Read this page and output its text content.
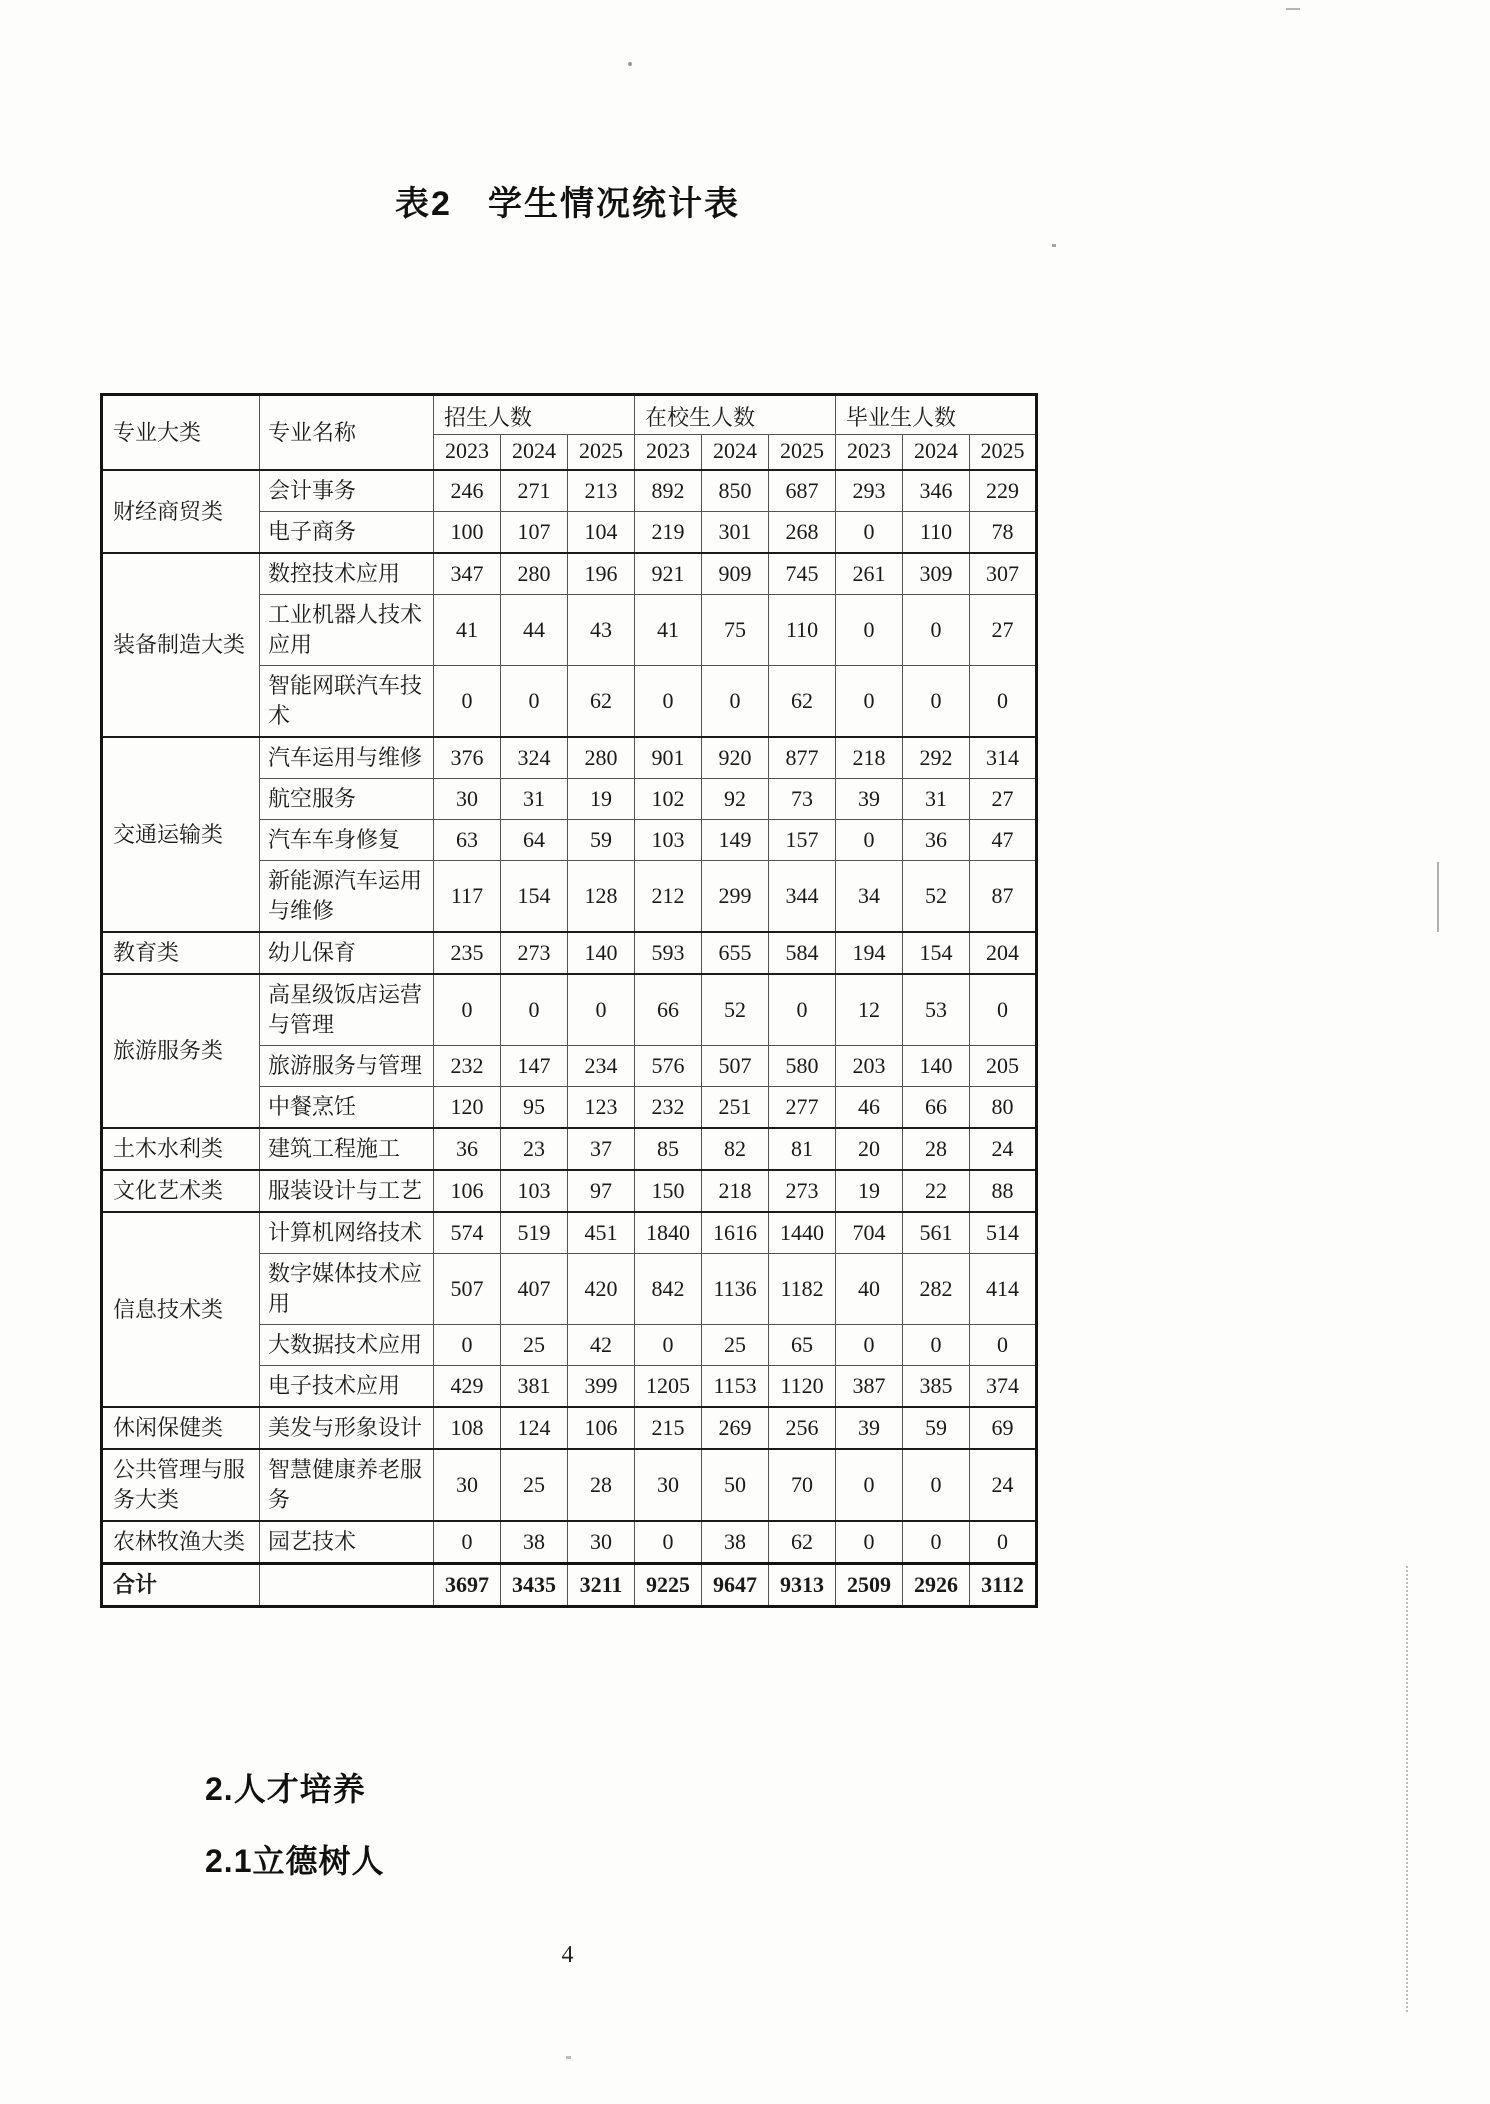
表2　学生情况统计表
专业大类	专业名称	招生人数			在校生人数			毕业生人数		
		2023	2024	2025	2023	2024	2025	2023	2024	2025
财经商贸类	会计事务	246	271	213	892	850	687	293	346	229
	电子商务	100	107	104	219	301	268	0	110	78
装备制造大类	数控技术应用	347	280	196	921	909	745	261	309	307
	工业机器人技术应用	41	44	43	41	75	110	0	0	27
	智能网联汽车技术	0	0	62	0	0	62	0	0	0
交通运输类	汽车运用与维修	376	324	280	901	920	877	218	292	314
	航空服务	30	31	19	102	92	73	39	31	27
	汽车车身修复	63	64	59	103	149	157	0	36	47
	新能源汽车运用与维修	117	154	128	212	299	344	34	52	87
教育类	幼儿保育	235	273	140	593	655	584	194	154	204
旅游服务类	高星级饭店运营与管理	0	0	0	66	52	0	12	53	0
	旅游服务与管理	232	147	234	576	507	580	203	140	205
	中餐烹饪	120	95	123	232	251	277	46	66	80
土木水利类	建筑工程施工	36	23	37	85	82	81	20	28	24
文化艺术类	服装设计与工艺	106	103	97	150	218	273	19	22	88
信息技术类	计算机网络技术	574	519	451	1840	1616	1440	704	561	514
	数字媒体技术应用	507	407	420	842	1136	1182	40	282	414
	大数据技术应用	0	25	42	0	25	65	0	0	0
	电子技术应用	429	381	399	1205	1153	1120	387	385	374
休闲保健类	美发与形象设计	108	124	106	215	269	256	39	59	69
公共管理与服务大类	智慧健康养老服务	30	25	28	30	50	70	0	0	24
农林牧渔大类	园艺技术	0	38	30	0	38	62	0	0	0
合计		3697	3435	3211	9225	9647	9313	2509	2926	3112
2.人才培养
2.1立德树人
4
